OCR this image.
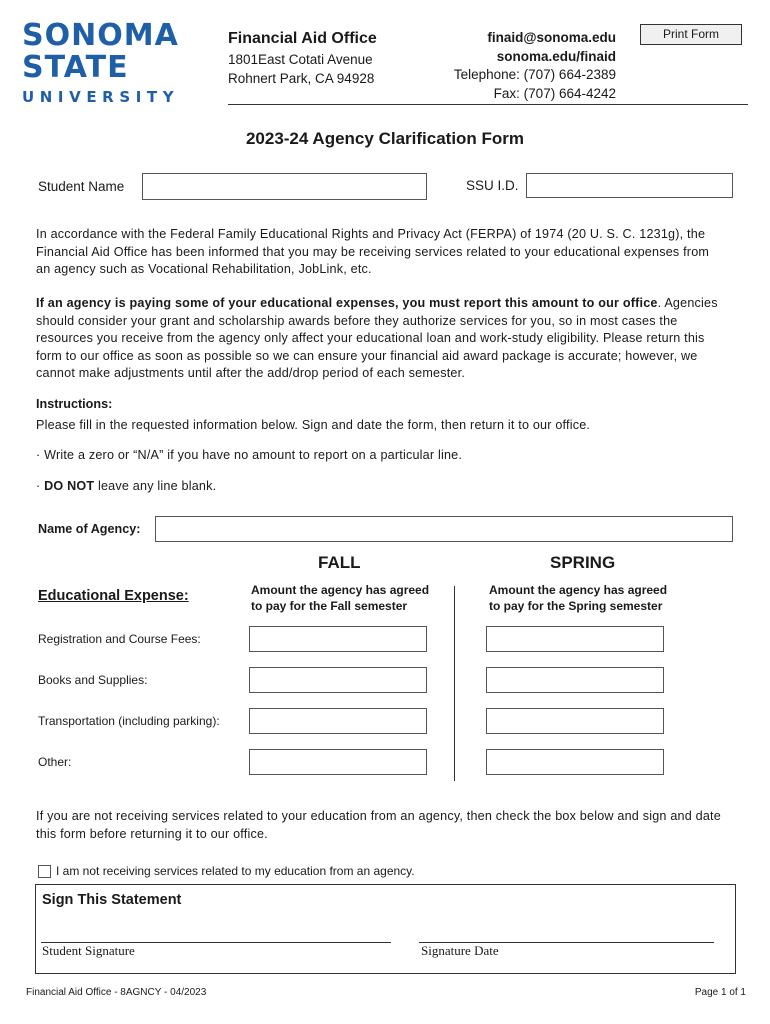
SONOMA
STATE
UNIVERSITY
Financial Aid Office
1801East Cotati Avenue
Rohnert Park, CA 94928
finaid@sonoma.edu
sonoma.edu/finaid
Telephone: (707) 664-2389
Fax: (707) 664-4242
Print Form
2023-24 Agency Clarification Form
Student Name	SSU I.D.
In accordance with the Federal Family Educational Rights and Privacy Act (FERPA) of 1974 (20 U. S. C. 1231g), the Financial Aid Office has been informed that you may be receiving services related to your educational expenses from an agency such as Vocational Rehabilitation, JobLink, etc.
If an agency is paying some of your educational expenses, you must report this amount to our office. Agencies should consider your grant and scholarship awards before they authorize services for you, so in most cases the resources you receive from the agency only affect your educational loan and work-study eligibility. Please return this form to our office as soon as possible so we can ensure your financial aid award package is accurate; however, we cannot make adjustments until after the add/drop period of each semester.
Instructions:
Please fill in the requested information below. Sign and date the form, then return it to our office.
· Write a zero or “N/A” if you have no amount to report on a particular line.
· DO NOT leave any line blank.
Name of Agency:
FALL	SPRING
Educational Expense:	Amount the agency has agreed
to pay for the Fall semester
Amount the agency has agreed
to pay for the Spring semester
Registration and Course Fees:
Books and Supplies:
Transportation (including parking):
Other:
If you are not receiving services related to your education from an agency, then check the box below and sign and date this form before returning it to our office.
I am not receiving services related to my education from an agency.
Sign This Statement
Student Signature	Signature Date
Financial Aid Office - 8AGNCY - 04/2023	Page 1 of 1
